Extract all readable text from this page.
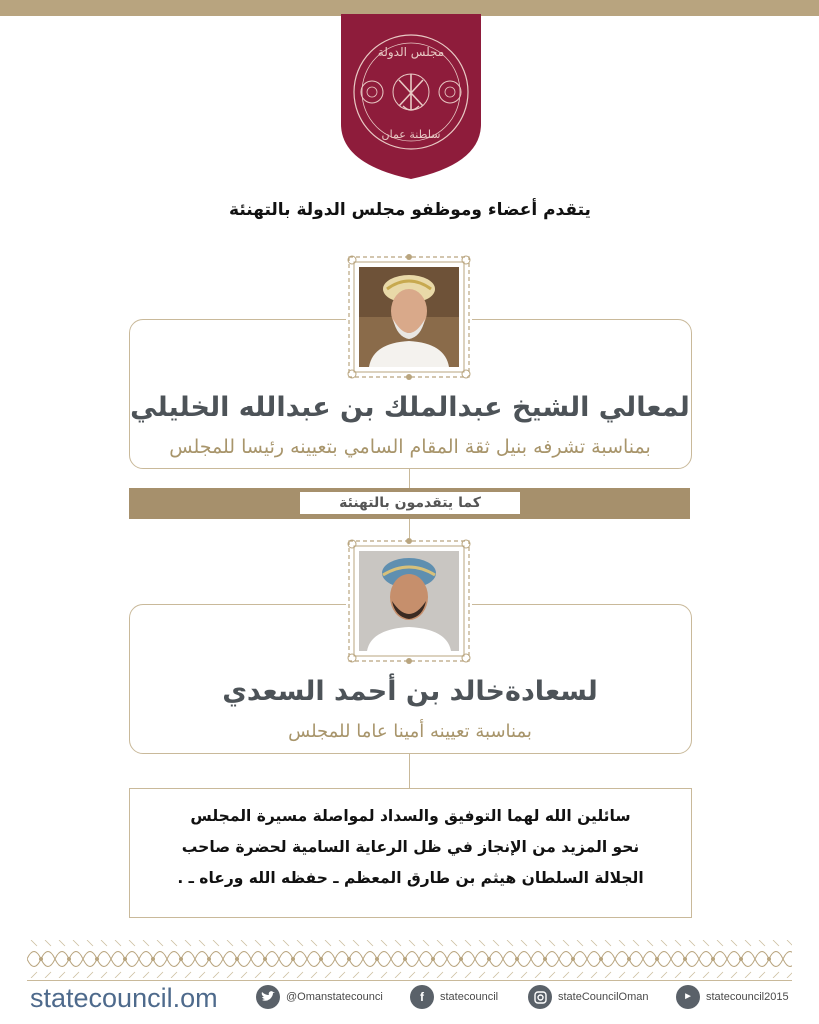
مجلس الدولة
سلطنة عمان
يتقدم أعضاء وموظفو مجلس الدولة بالتهنئة
لمعالي الشيخ عبدالملك بن عبدالله الخليلي
بمناسبة تشرفه بنيل ثقة المقام السامي بتعيينه رئيسا للمجلس
كما يتقدمون بالتهنئة
لسعادةخالد بن أحمد السعدي
بمناسبة تعيينه أمينا عاما للمجلس
سائلين الله لهما التوفيق والسداد لمواصلة مسيرة المجلس
نحو المزيد من الإنجاز في ظل الرعاية السامية لحضرة صاحب
الجلالة السلطان هيثم بن طارق المعظم ـ حفظه الله ورعاه ـ .
statecouncil.om	@Omanstatecounci	f	statecouncil	stateCouncilOman	▶	statecouncil2015
